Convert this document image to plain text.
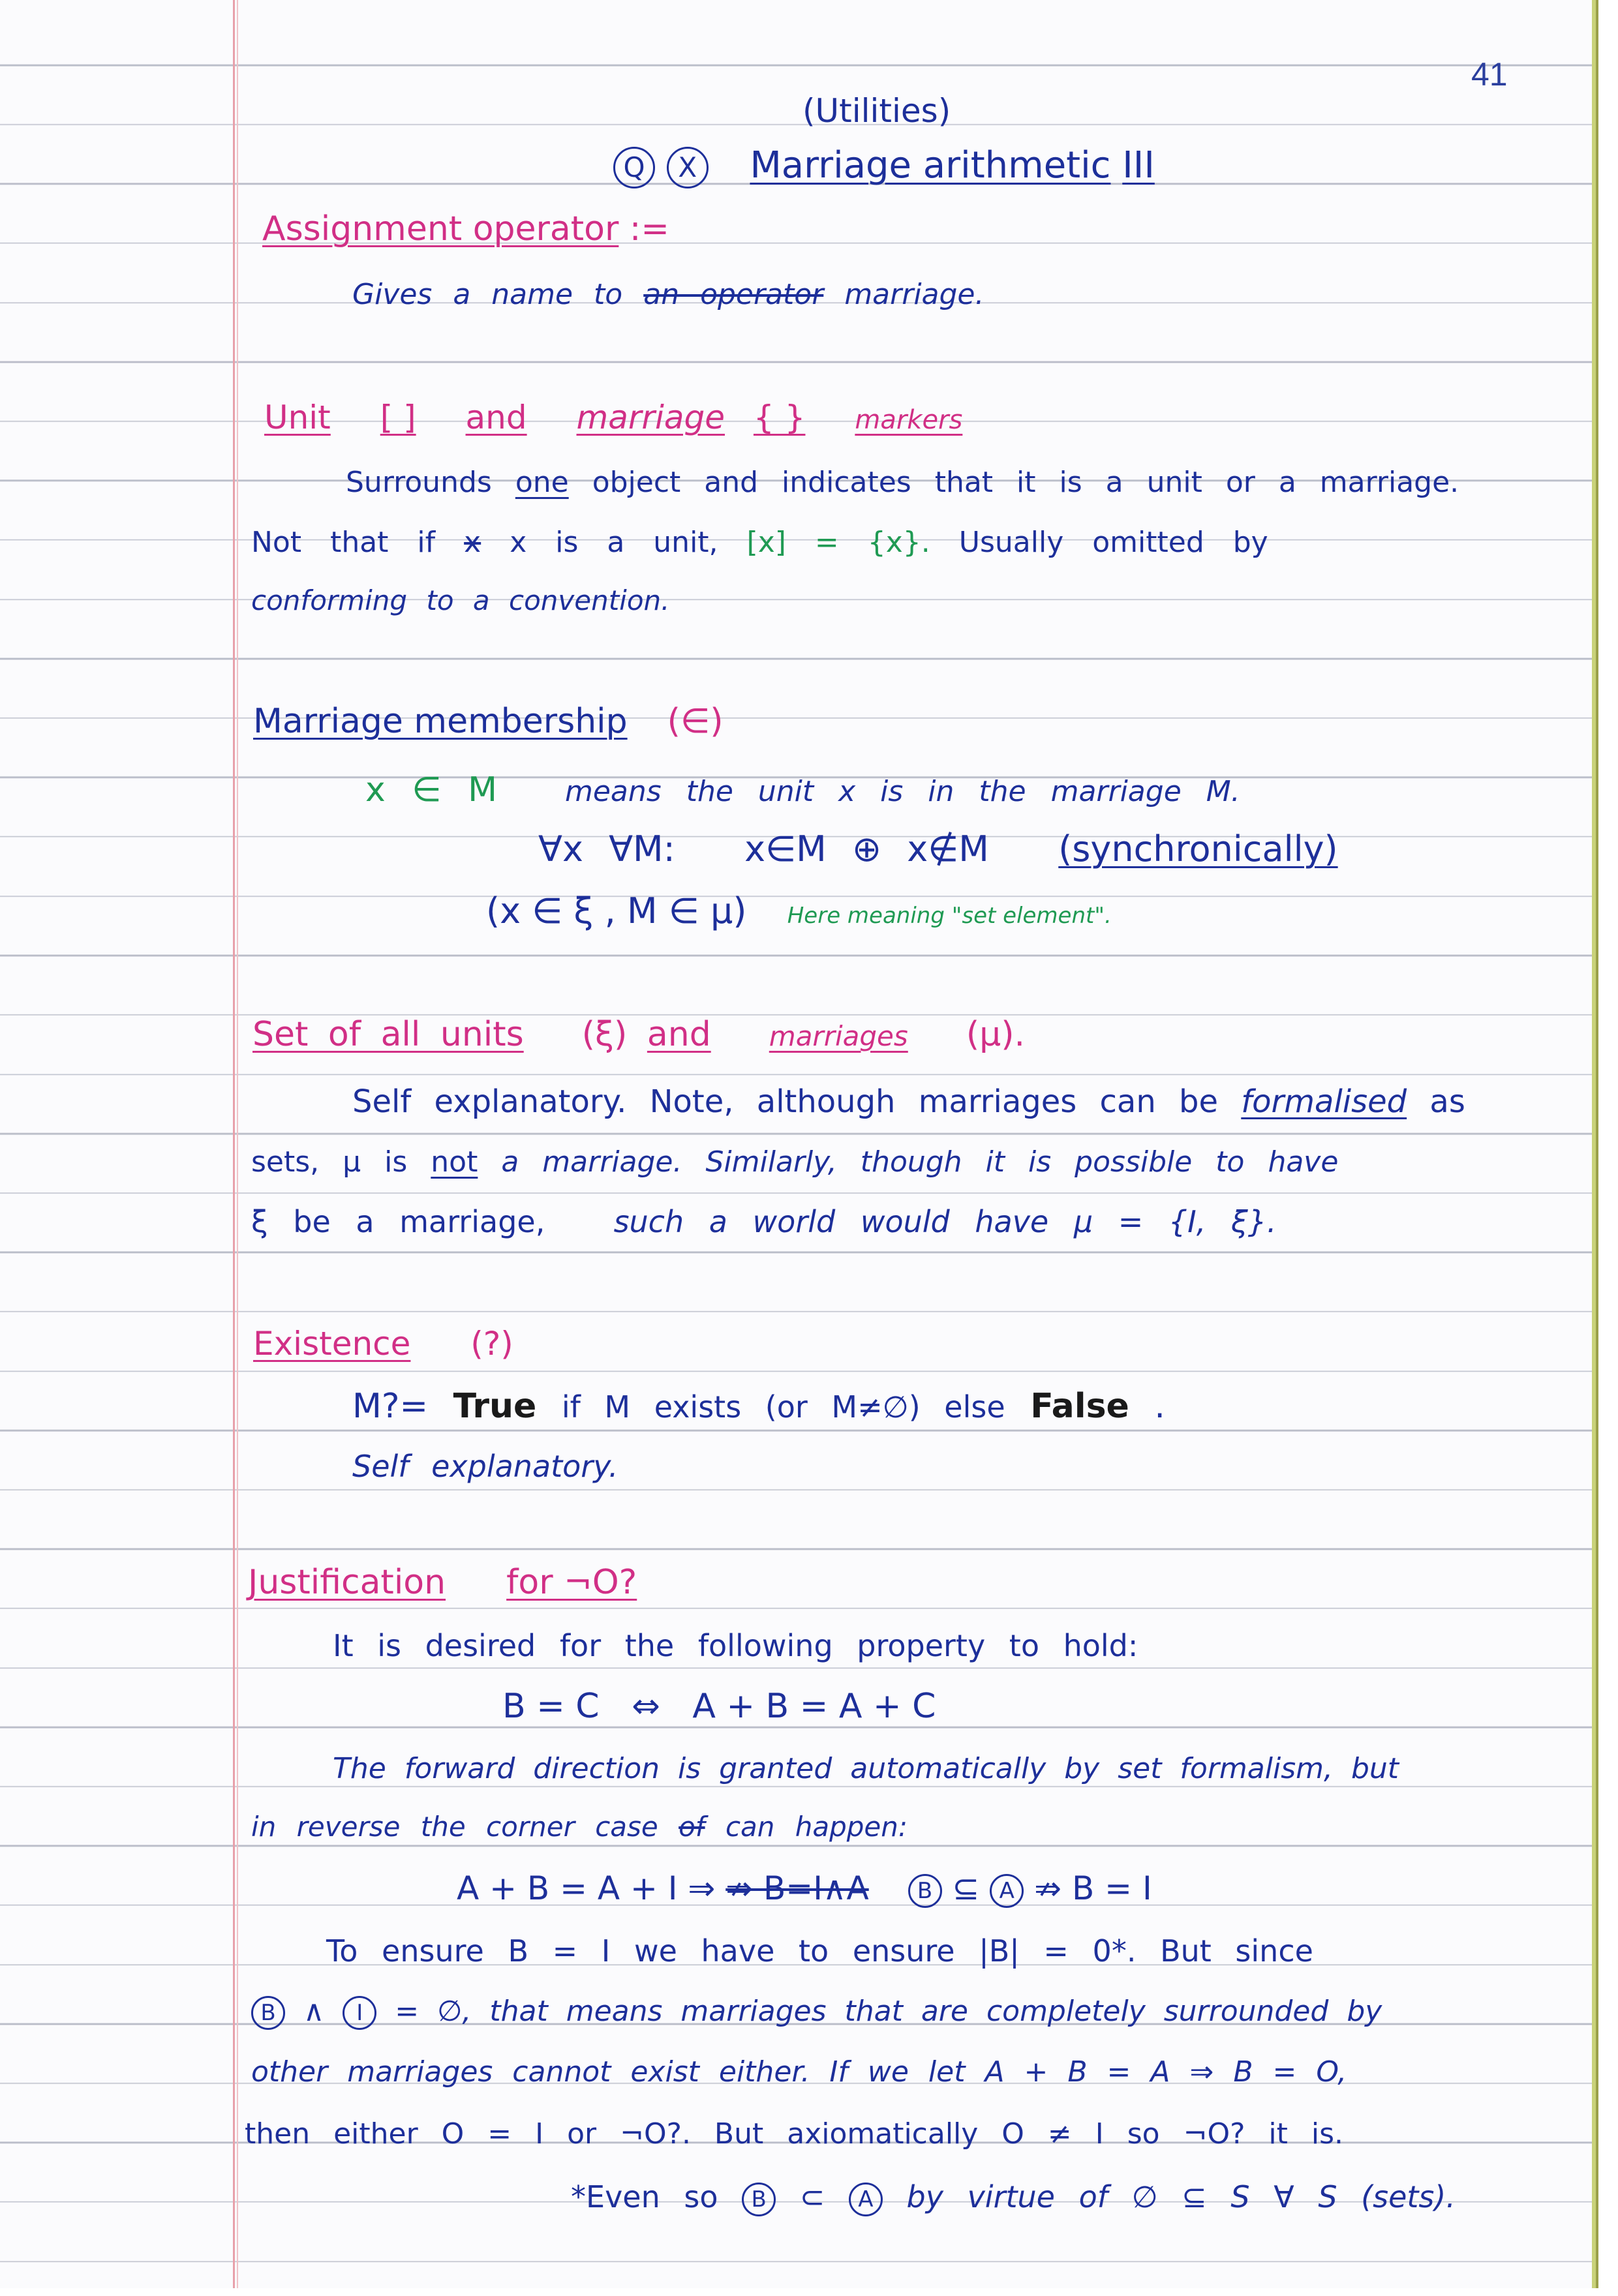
41
(Utilities)
Q X Marriage arithmetic III
Assignment operator :=
Gives a name to an operator marriage.
Unit [ ] and marriage { } markers
Surrounds one object and indicates that it is a unit or a marriage.
Not that if x x is a unit, [x] = {x}. Usually omitted by
conforming to a convention.
Marriage membership (∈)
x ∈ M means the unit x is in the marriage M.
∀x ∀M: x∈M ⊕ x∉M (synchronically)
(x ∈ ξ , M ∈ μ) Here meaning "set element".
Set of all units (ξ) and marriages (μ).
Self explanatory. Note, although marriages can be formalised as
sets, μ is not a marriage. Similarly, though it is possible to have
ξ be a marriage, such a world would have μ = {I, ξ}.
Existence (?)
M?= True if M exists (or M≠∅) else False .
Self explanatory.
Justification for ¬O?
It is desired for the following property to hold:
B = C   ⇔   A + B = A + C
The forward direction is granted automatically by set formalism, but
in reverse the corner case of can happen:
A + B = A + I ⇒ ⇏ B=I∧A B ⊆ A ⇏ B = I
To ensure B = I we have to ensure |B| = 0*. But since
B ∧ I = ∅, that means marriages that are completely surrounded by
other marriages cannot exist either. If we let A + B = A ⇒ B = O,
then either O = I or ¬O?. But axiomatically O ≠ I so ¬O? it is.
*Even so B ⊂ A by virtue of ∅ ⊆ S ∀ S (sets).
